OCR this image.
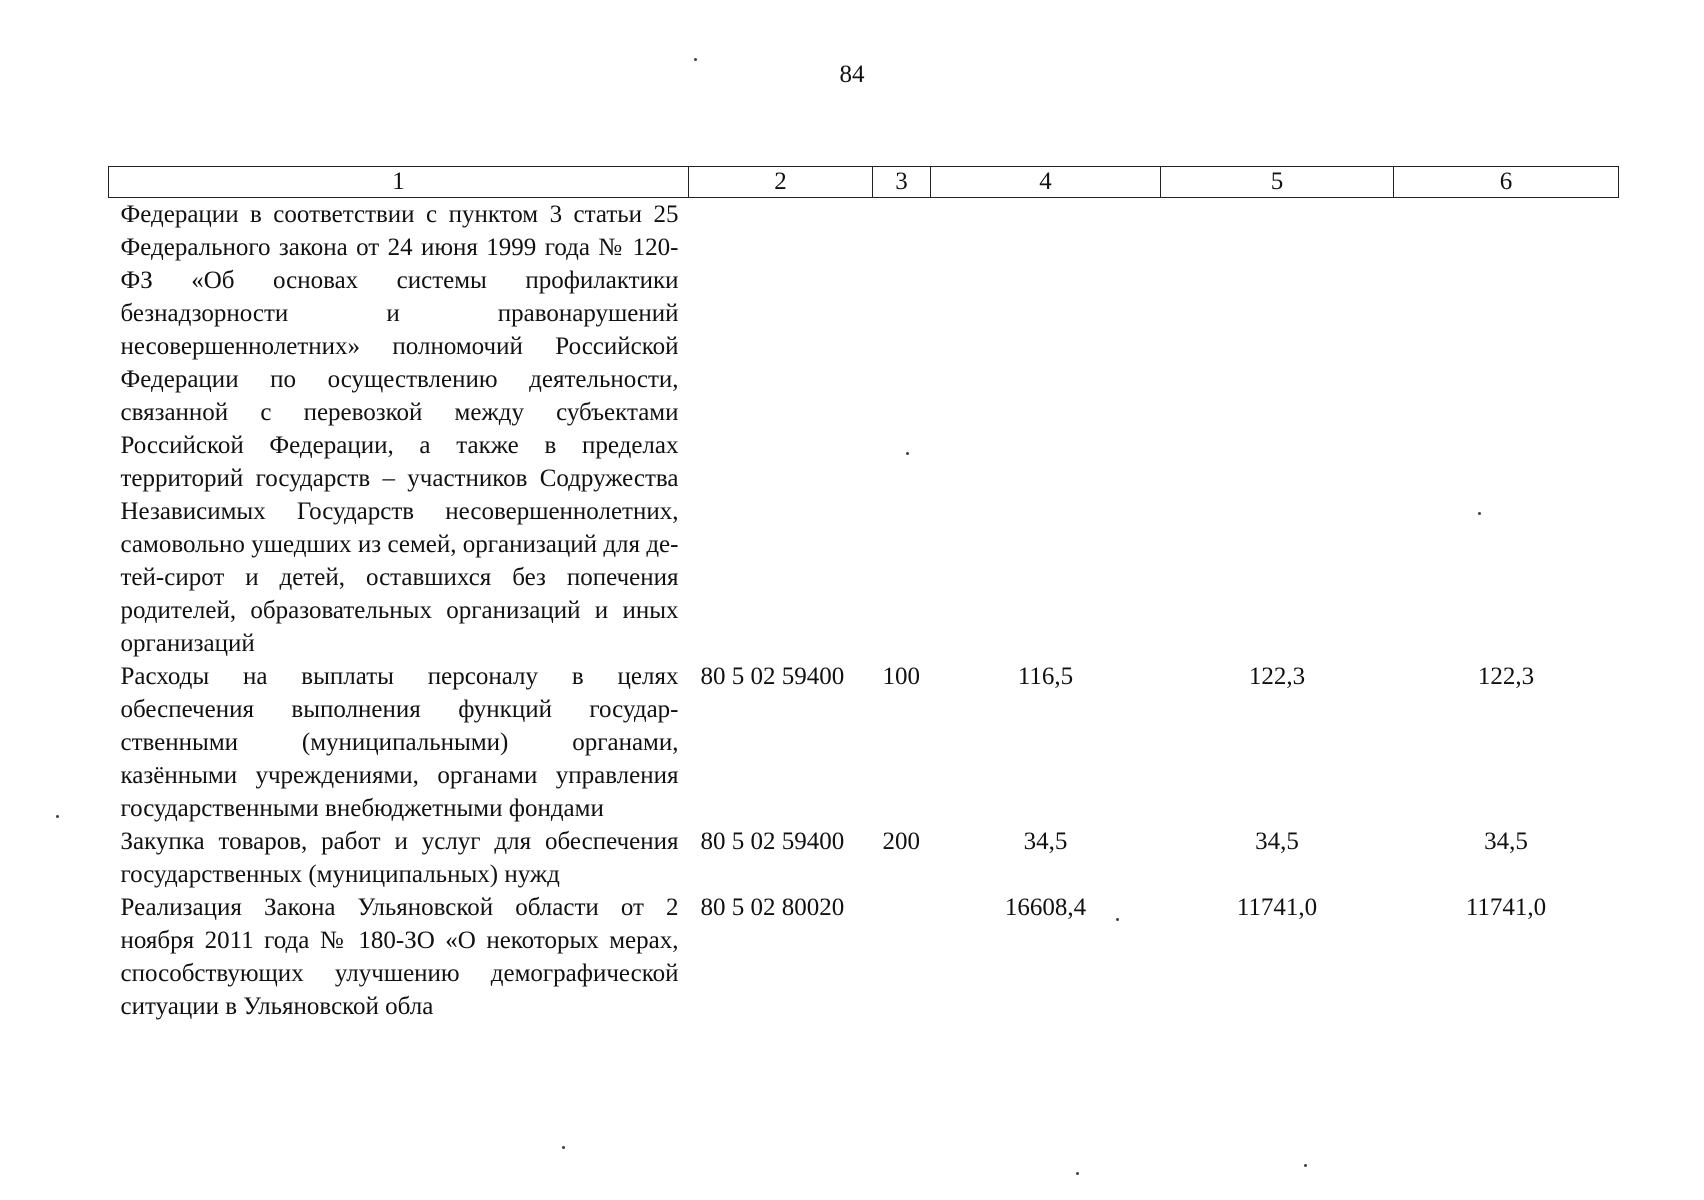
84
1	2	3	4	5	6
Федерации в соответствии с пунктом 3 статьи 25 Федерального закона от 24 июня 1999 года № 120-ФЗ «Об основах системы профилактики безнадзорности и правонарушений несовершеннолетних» полномочий Российской Федерации по осуществлению деятельности, связанной с перевозкой между субъектами Российской Федерации, а также в пределах территорий государств – участников Содружества Независимых Государств несовершеннолетних, самовольно ушедших из семей, организаций для детей-сирот и детей, оставшихся без попечения родителей, образовательных организаций и иных организаций					
Расходы на выплаты персоналу в целях обеспечения выполнения функций государственными (муниципальными) органами, казёнными учреждениями, органами управления государственными внебюджетными фондами	80 5 02 59400	100	116,5	122,3	122,3
Закупка товаров, работ и услуг для обеспечения государственных (муниципальных) нужд	80 5 02 59400	200	34,5	34,5	34,5
Реализация Закона Ульяновской области от 2 ноября 2011 года № 180-ЗО «О некоторых мерах, способствующих улучшению демографической ситуации в Ульяновской обла	80 5 02 80020		16608,4	11741,0	11741,0
